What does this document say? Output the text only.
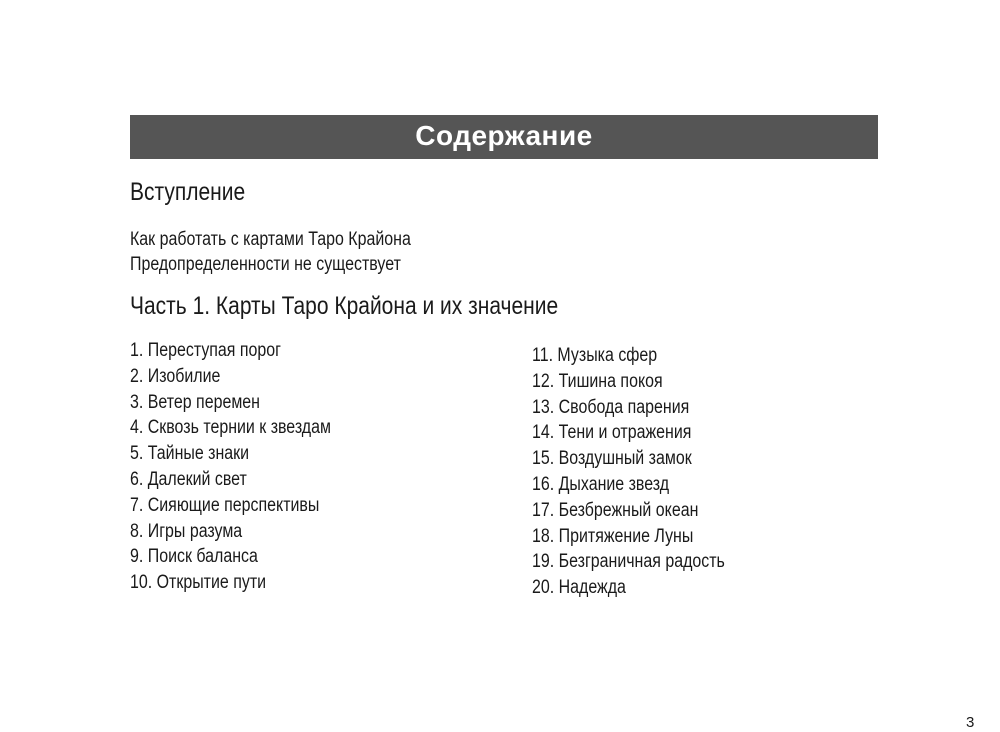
Содержание
Вступление
Как работать с картами Таро Крайона
Предопределенности не существует
Часть 1. Карты Таро Крайона и их значение
1. Переступая порог
2. Изобилие
3. Ветер перемен
4. Сквозь тернии к звездам
5. Тайные знаки
6. Далекий свет
7. Сияющие перспективы
8. Игры разума
9. Поиск баланса
10. Открытие пути
11. Музыка сфер
12. Тишина покоя
13. Свобода парения
14. Тени и отражения
15. Воздушный замок
16. Дыхание звезд
17. Безбрежный океан
18. Притяжение Луны
19. Безграничная радость
20. Надежда
3
